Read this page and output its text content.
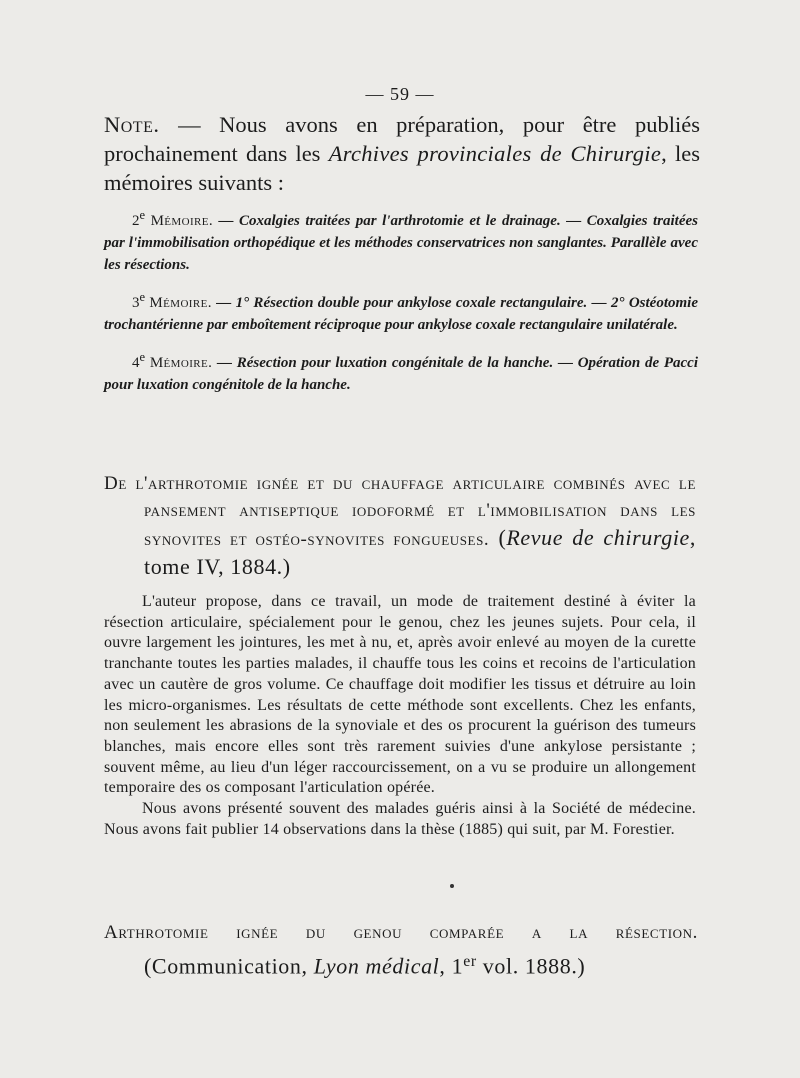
— 59 —
Note. — Nous avons en préparation, pour être publiés prochainement dans les Archives provinciales de Chirurgie, les mémoires suivants :

2e Mémoire. — Coxalgies traitées par l'arthrotomie et le drainage. — Coxalgies traitées par l'immobilisation orthopédique et les méthodes conservatrices non sanglantes. Parallèle avec les résections.

3e Mémoire. — 1° Résection double pour ankylose coxale rectangulaire. — 2° Ostéotomie trochantérienne par emboîtement réciproque pour ankylose coxale rectangulaire unilatérale.

4e Mémoire. — Résection pour luxation congénitale de la hanche. — Opération de Pacci pour luxation congénitole de la hanche.

De l'arthrotomie ignée et du chauffage articulaire combinés avec le pansement antiseptique iodoformé et l'immobilisation dans les synovites et ostéo-synovites fongueuses. (Revue de chirurgie, tome IV, 1884.)

L'auteur propose, dans ce travail, un mode de traitement destiné à éviter la résection articulaire, spécialement pour le genou, chez les jeunes sujets. Pour cela, il ouvre largement les jointures, les met à nu, et, après avoir enlevé au moyen de la curette tranchante toutes les parties malades, il chauffe tous les coins et recoins de l'articulation avec un cautère de gros volume. Ce chauffage doit modifier les tissus et détruire au loin les micro-organismes. Les résultats de cette méthode sont excellents. Chez les enfants, non seulement les abrasions de la synoviale et des os procurent la guérison des tumeurs blanches, mais encore elles sont très rarement suivies d'une ankylose persistante ; souvent même, au lieu d'un léger raccourcissement, on a vu se produire un allongement temporaire des os composant l'articulation opérée.

Nous avons présenté souvent des malades guéris ainsi à la Société de médecine. Nous avons fait publier 14 observations dans la thèse (1885) qui suit, par M. Forestier.

Arthrotomie ignée du genou comparée a la résection.(Communication, Lyon médical, 1er vol. 1888.)
